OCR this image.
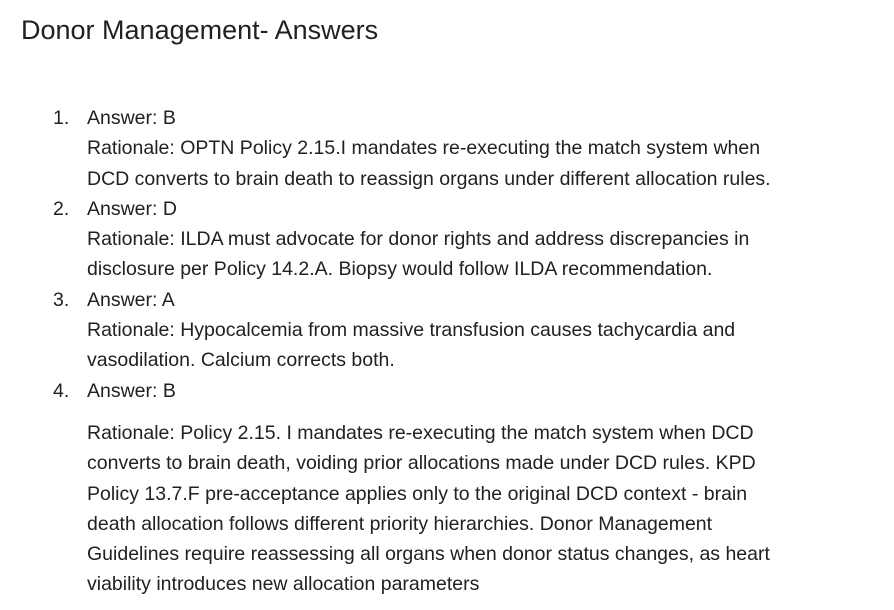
Donor Management- Answers
1. Answer: B
Rationale: OPTN Policy 2.15.I mandates re-executing the match system when
DCD converts to brain death to reassign organs under different allocation rules.
2. Answer: D
Rationale: ILDA must advocate for donor rights and address discrepancies in
disclosure per Policy 14.2.A. Biopsy would follow ILDA recommendation.
3. Answer: A
Rationale: Hypocalcemia from massive transfusion causes tachycardia and
vasodilation. Calcium corrects both.
4. Answer: B
Rationale: Policy 2.15. I mandates re-executing the match system when DCD
converts to brain death, voiding prior allocations made under DCD rules. KPD
Policy 13.7.F pre-acceptance applies only to the original DCD context - brain
death allocation follows different priority hierarchies. Donor Management
Guidelines require reassessing all organs when donor status changes, as heart
viability introduces new allocation parameters
